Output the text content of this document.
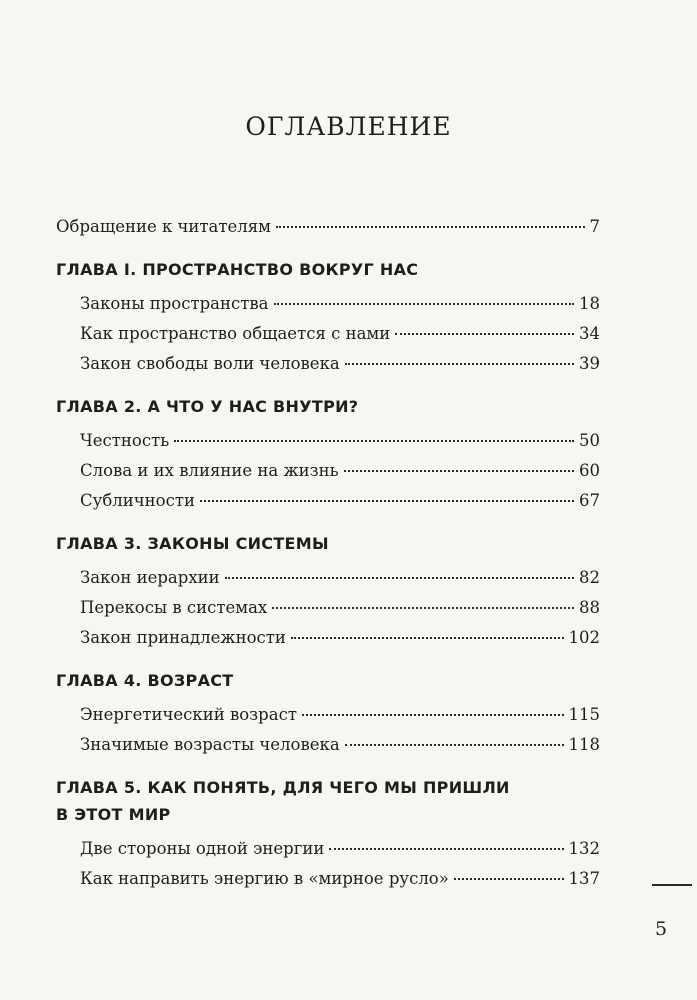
ОГЛАВЛЕНИЕ
Обращение к читателям	7
ГЛАВА I. ПРОСТРАНСТВО ВОКРУГ НАС
Законы пространства	18
Как пространство общается с нами	34
Закон свободы воли человека	39
ГЛАВА 2. А ЧТО У НАС ВНУТРИ?
Честность	50
Слова и их влияние на жизнь	60
Субличности	67
ГЛАВА 3. ЗАКОНЫ СИСТЕМЫ
Закон иерархии	82
Перекосы в системах	88
Закон принадлежности	102
ГЛАВА 4. ВОЗРАСТ
Энергетический возраст	115
Значимые возрасты человека	118
ГЛАВА 5. КАК ПОНЯТЬ, ДЛЯ ЧЕГО МЫ ПРИШЛИ
В ЭТОТ МИР
Две стороны одной энергии	132
Как направить энергию в «мирное русло»	137
5
